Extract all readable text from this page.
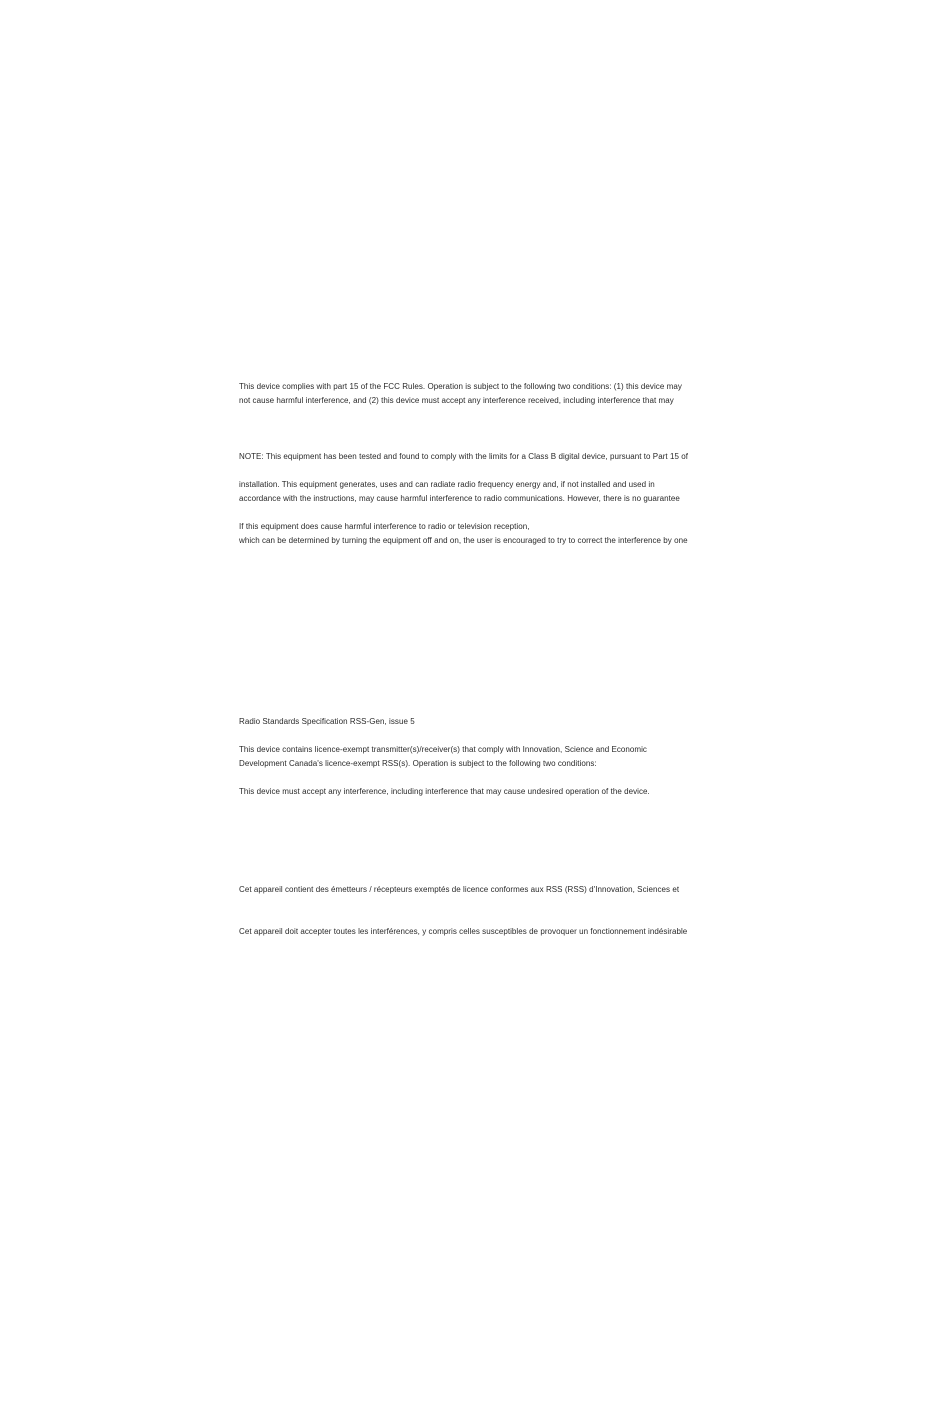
This device complies with part 15 of the FCC Rules. Operation is subject to the following two conditions: (1) this device may
not cause harmful interference, and (2) this device must accept any interference received, including interference that may
NOTE: This equipment has been tested and found to comply with the limits for a Class B digital device, pursuant to Part 15 of
installation. This equipment generates, uses and can radiate radio frequency energy and, if not installed and used in
accordance with the instructions, may cause harmful interference to radio communications. However, there is no guarantee
If this equipment does cause harmful interference to radio or television reception,
which can be determined by turning the equipment off and on, the user is encouraged to try to correct the interference by one
Radio Standards Specification RSS-Gen, issue 5
This device contains licence-exempt transmitter(s)/receiver(s) that comply with Innovation, Science and Economic
Development Canada's licence-exempt RSS(s). Operation is subject to the following two conditions:
This device must accept any interference, including interference that may cause undesired operation of the device.
Cet appareil contient des émetteurs / récepteurs exemptés de licence conformes aux RSS (RSS) d'Innovation, Sciences et
Cet appareil doit accepter toutes les interférences, y compris celles susceptibles de provoquer un fonctionnement indésirable
